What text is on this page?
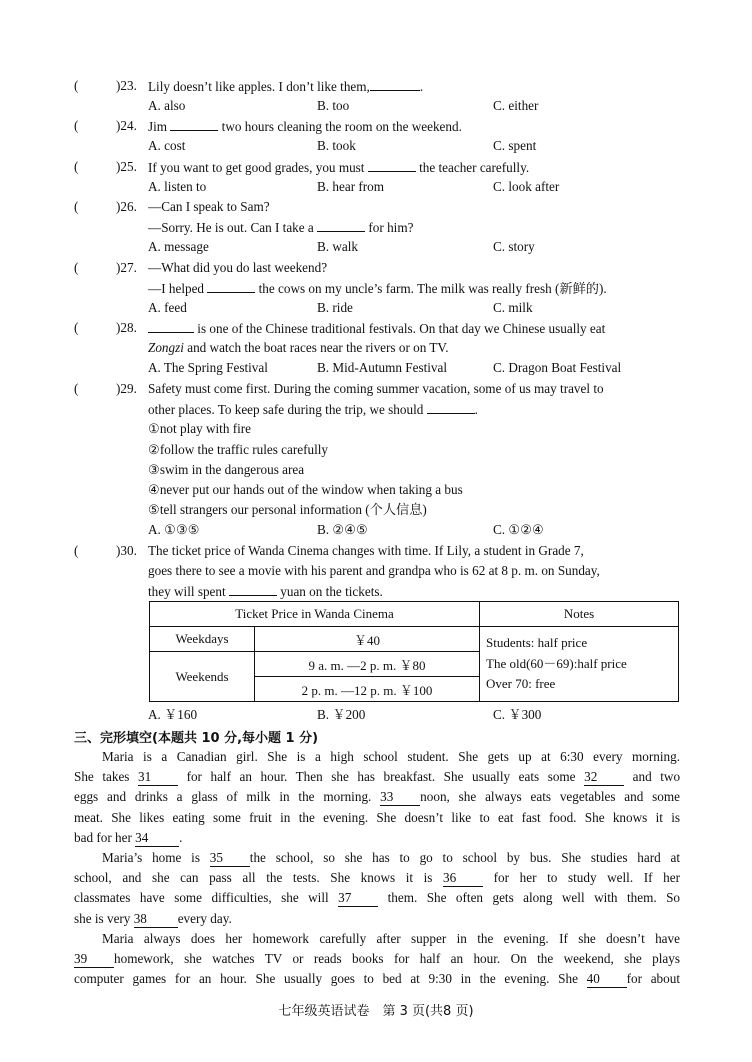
(	)23. Lily doesn’t like apples. I don’t like them,	.
A. also	B. too	C. either
(	)24. Jim	two hours cleaning the room on the weekend.
A. cost	B. took	C. spent
(	)25. If you want to get good grades, you must	the teacher carefully.
A. listen to	B. hear from	C. look after
(	)26. —Can I speak to Sam?
—Sorry. He is out. Can I take a	for him?
A. message	B. walk	C. story
(	)27. —What did you do last weekend?
—I helped	the cows on my uncle’s farm. The milk was really fresh (新鲜的).
A. feed	B. ride	C. milk
(	)28.	is one of the Chinese traditional festivals. On that day we Chinese usually eat
Zongzi and watch the boat races near the rivers or on TV.
A. The Spring Festival	B. Mid-Autumn Festival	C. Dragon Boat Festival
(	)29. Safety must come first. During the coming summer vacation, some of us may travel to
other places. To keep safe during the trip, we should	.
①not play with fire
②follow the traffic rules carefully
③swim in the dangerous area
④never put our hands out of the window when taking a bus
⑤tell strangers our personal information (个人信息)
A. ①③⑤	B. ②④⑤	C. ①②④
(	)30. The ticket price of Wanda Cinema changes with time. If Lily, a student in Grade 7,
goes there to see a movie with his parent and grandpa who is 62 at 8 p. m. on Sunday,
they will spent	yuan on the tickets.
Ticket Price in Wanda Cinema		Notes
Weekdays	￥40	Students: half price
The old(60－69):half price
Over 70: free

Weekends	9 a. m. —2 p. m. ￥80	
	2 p. m. —12 p. m. ￥100	
A. ￥160	B. ￥200	C. ￥300
三、完形填空(本题共 10 分,每小题 1 分)
Maria is a Canadian girl. She is a high school student. She gets up at 6:30 every morning.
She takes 31	for half an hour. Then she has breakfast. She usually eats some 32	and two
eggs and drinks a glass of milk in the morning. 33 noon, she always eats vegetables and some
meat. She likes eating some fruit in the evening. She doesn’t like to eat fast food. She knows it is
bad for her 34 .
Maria’s home is 35 the school, so she has to go to school by bus. She studies hard at
school, and she can pass all the tests. She knows it is 36	for her to study well. If her
classmates have some difficulties, she will 37	them. She often gets along well with them. So
she is very 38 every day.
Maria always does her homework carefully after supper in the evening. If she doesn’t have
39 homework, she watches TV or reads books for half an hour. On the weekend, she plays
computer games for an hour. She usually goes to bed at 9:30 in the evening. She 40 for about
七年级英语试卷　第 3 页(共8 页)
